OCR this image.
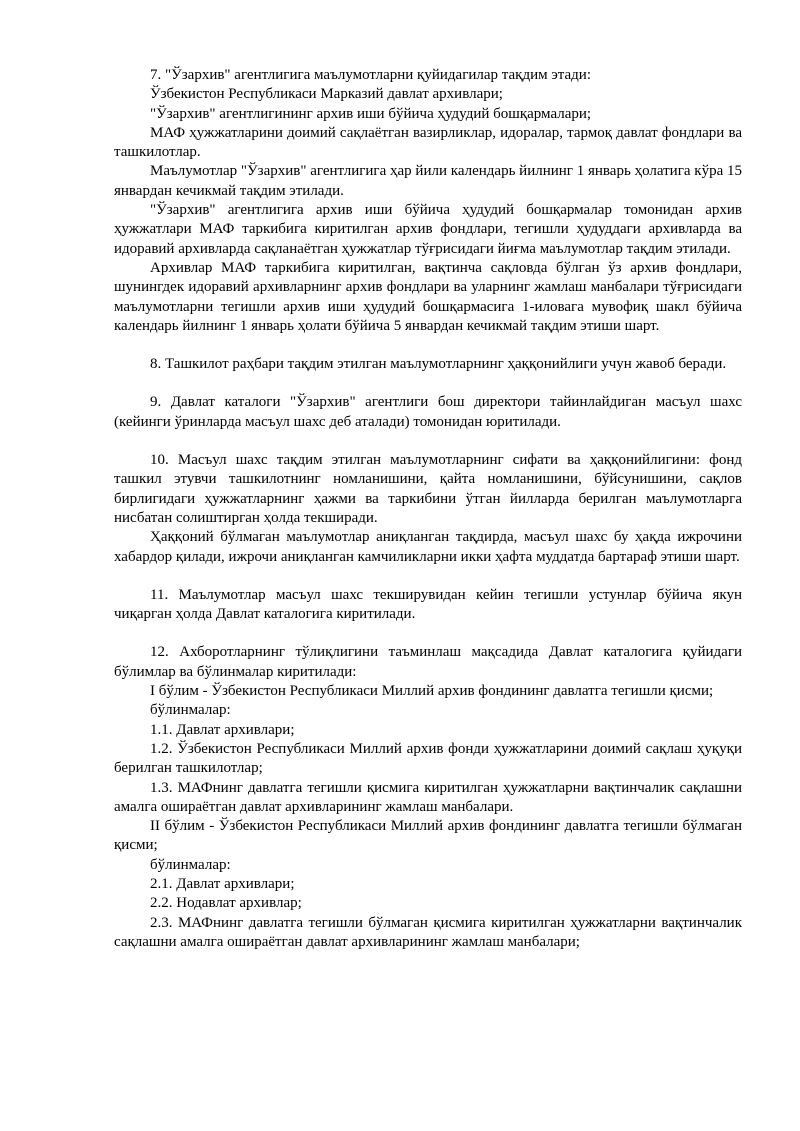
7. "Ўзархив" агентлигига маълумотларни қуйидагилар тақдим этади:

Ўзбекистон Республикаси Марказий давлат архивлари;

"Ўзархив" агентлигининг архив иши бўйича ҳудудий бошқармалари;

МАФ ҳужжатларини доимий сақлаётган вазирликлар, идоралар, тармоқ давлат фондлари ва ташкилотлар.

Маълумотлар "Ўзархив" агентлигига ҳар йили календарь йилнинг 1 январь ҳолатига кўра 15 январдан кечикмай тақдим этилади.

"Ўзархив" агентлигига архив иши бўйича ҳудудий бошқармалар томонидан архив ҳужжатлари МАФ таркибига киритилган архив фондлари, тегишли ҳудуддаги архивларда ва идоравий архивларда сақланаётган ҳужжатлар тўғрисидаги йиғма маълумотлар тақдим этилади.

Архивлар МАФ таркибига киритилган, вақтинча сақловда бўлган ўз архив фондлари, шунингдек идоравий архивларнинг архив фондлари ва уларнинг жамлаш манбалари тўғрисидаги маълумотларни тегишли архив иши ҳудудий бошқармасига 1-иловага мувофиқ шакл бўйича календарь йилнинг 1 январь ҳолати бўйича 5 январдан кечикмай тақдим этиши шарт.

8. Ташкилот раҳбари тақдим этилган маълумотларнинг ҳаққонийлиги учун жавоб беради.

9. Давлат каталоги "Ўзархив" агентлиги бош директори тайинлайдиган масъул шахс (кейинги ўринларда масъул шахс деб аталади) томонидан юритилади.

10. Масъул шахс тақдим этилган маълумотларнинг сифати ва ҳаққонийлигини: фонд ташкил этувчи ташкилотнинг номланишини, қайта номланишини, бўйсунишини, сақлов бирлигидаги ҳужжатларнинг ҳажми ва таркибини ўтган йилларда берилган маълумотларга нисбатан солиштирган ҳолда текширади.

Ҳаққоний бўлмаган маълумотлар аниқланган тақдирда, масъул шахс бу ҳақда ижрочини хабардор қилади, ижрочи аниқланган камчиликларни икки ҳафта муддатда бартараф этиши шарт.

11. Маълумотлар масъул шахс текширувидан кейин тегишли устунлар бўйича якун чиқарган ҳолда Давлат каталогига киритилади.

12. Ахборотларнинг тўлиқлигини таъминлаш мақсадида Давлат каталогига қуйидаги бўлимлар ва бўлинмалар киритилади:

I бўлим - Ўзбекистон Республикаси Миллий архив фондининг давлатга тегишли қисми;

бўлинмалар:

1.1. Давлат архивлари;

1.2. Ўзбекистон Республикаси Миллий архив фонди ҳужжатларини доимий сақлаш ҳуқуқи берилган ташкилотлар;

1.3. МАФнинг давлатга тегишли қисмига киритилган ҳужжатларни вақтинчалик сақлашни амалга ошираётган давлат архивларининг жамлаш манбалари.

II бўлим - Ўзбекистон Республикаси Миллий архив фондининг давлатга тегишли бўлмаган қисми;

бўлинмалар:

2.1. Давлат архивлари;

2.2. Нодавлат архивлар;

2.3. МАФнинг давлатга тегишли бўлмаган қисмига киритилган ҳужжатларни вақтинчалик сақлашни амалга ошираётган давлат архивларининг жамлаш манбалари;
